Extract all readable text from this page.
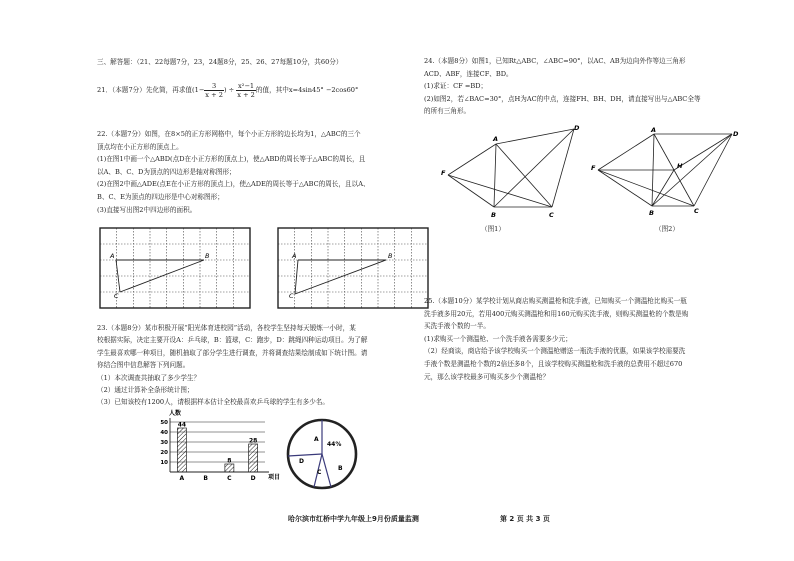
三、解答题：（21、22每题7分，23，24题8分，25、26、27每题10分，共60分）
21．（本题7分）先化简，再求值($1- \frac{3}{x + 2}$ ) ÷ $\frac{\text{x²−1}}{x + 2}$ 的值，其中x=4sin45° −2cos60°

22.（本题7分）如图，在8×5的正方形网格中，每个小正方形的边长均为1，△ABC的三个

顶点均在小正方形的顶点上。

(1)在图1中画一个△ABD(点D在小正方形的顶点上)，使△ABD的周长等于△ABC的周长，且

以A、B、C、D为顶点的四边形是轴对称图形；

(2)在图2中画△ADE(点E在小正方形的顶点上)，使△ADE的周长等于△ABC的周长，且以A、

B、C、E为顶点的四边形是中心对称图形；

(3)直接写出图2中四边形的面积。

A	B
C
A	B
C

23.（本题8分）某市积极开展“阳光体育进校园”活动，各校学生坚持每天锻炼一小时，某

校根据实际，决定主要开设A：乒乓球，B：篮球，C：跑步，D：跳绳四种运动项目。为了解

学生最喜欢哪一种项目，随机抽取了部分学生进行调查，并将调查结果绘制成如下统计图。请

你结合图中信息解答下列问题。

（1）本次调查共抽取了多少学生？

（2）通过计算补全条形统计图；

（3）已知该校有1200人，请根据样本估计全校最喜欢乒乓球的学生有多少名。

人数
10
20
30
40
50 44
8
28
A	B	C	D 项目
A
44%
B
C
D

24.（本题8分）如图1，已知Rt△ABC，∠ABC=90°，以AC、AB为边向外作等边三角形

ACD、ABF，连接CF、BD。

(1)求证：CF =BD；

(2)如图2，若∠BAC=30°，点H为AC的中点，连接FH、BH、DH，请直接写出与△ABC全等

的所有三角形。

A
D
F
B	C
（图1）
A	D
F	H
B	C
（图2）

25.（本题10分）某学校计划从商店购买测温枪和洗手液，已知购买一个测温枪比购买一瓶

洗手液多用20元，若用400元购买测温枪和用160元购买洗手液，则购买测温枪的个数是购

买洗手液个数的一半。

(1)求购买一个测温枪、一个洗手液各需要多少元；

（2）经商谈，商店给予该学校购买一个测温枪赠送一瓶洗手液的优惠，如果该学校需要洗

手液个数是测温枪个数的2倍还多8个，且该学校购买测温枪和洗手液的总费用不超过670

元，那么该学校最多可购买多少个测温枪？

哈尔滨市红桥中学九年级上9月份质量监测	第 2 页 共 3 页
